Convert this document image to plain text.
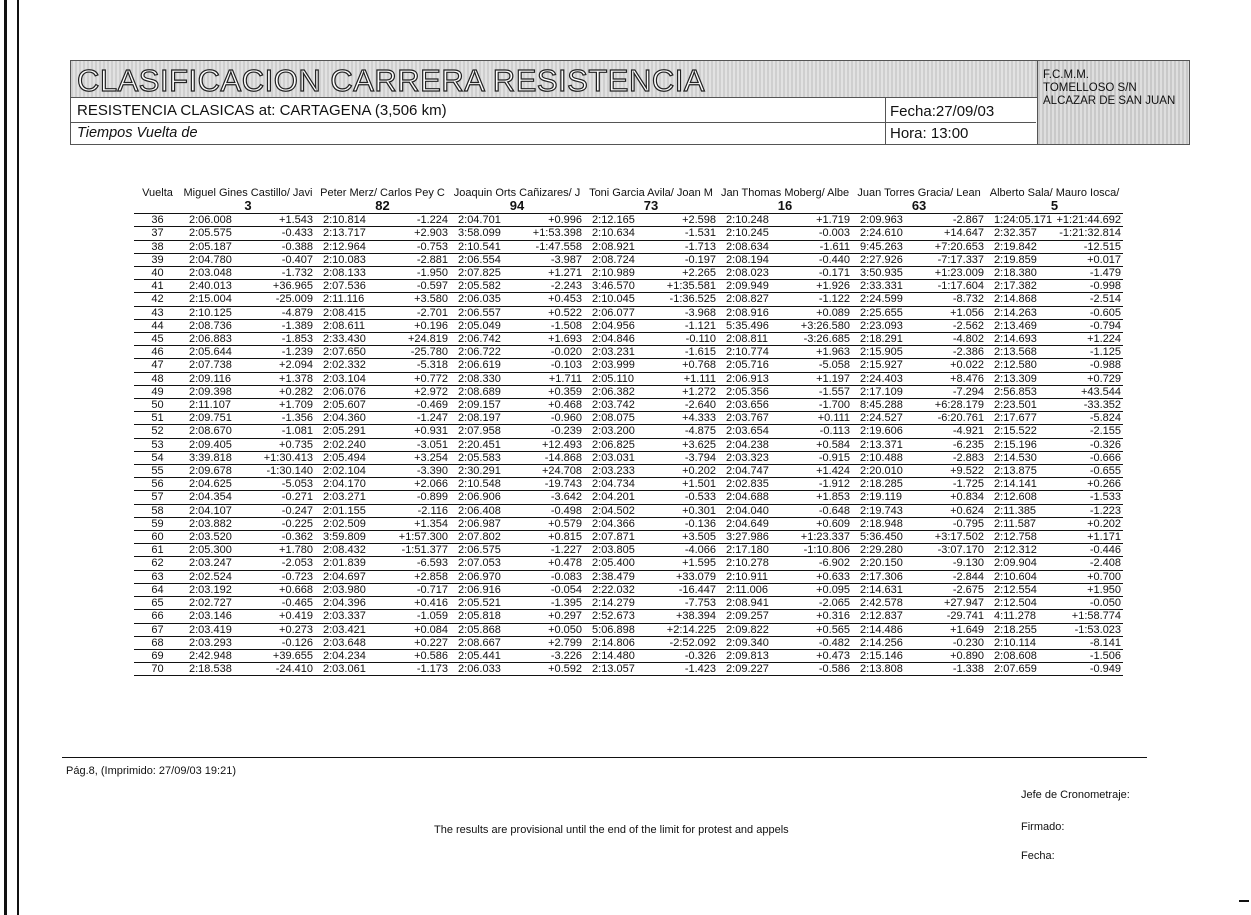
CLASIFICACION CARRERA RESISTENCIA
RESISTENCIA CLASICAS at: CARTAGENA (3,506 km)
Tiempos Vuelta de
Fecha:27/09/03
Hora: 13:00
F.C.M.M.
TOMELLOSO S/N
ALCAZAR DE SAN JUAN
Vuelta	Miguel Gines Castillo/ Javi		Peter Merz/ Carlos Pey C		Joaquin Orts Cañizares/ J		Toni Garcia Avila/ Joan M		Jan Thomas Moberg/ Albe		Juan Torres Gracia/ Lean		Alberto Sala/ Mauro Iosca/	
	3		82		94		73		16		63		5	
36	2:06.008	+1.543	2:10.814	-1.224	2:04.701	+0.996	2:12.165	+2.598	2:10.248	+1.719	2:09.963	-2.867	1:24:05.171	+1:21:44.692
37	2:05.575	-0.433	2:13.717	+2.903	3:58.099	+1:53.398	2:10.634	-1.531	2:10.245	-0.003	2:24.610	+14.647	2:32.357	-1:21:32.814
38	2:05.187	-0.388	2:12.964	-0.753	2:10.541	-1:47.558	2:08.921	-1.713	2:08.634	-1.611	9:45.263	+7:20.653	2:19.842	-12.515
39	2:04.780	-0.407	2:10.083	-2.881	2:06.554	-3.987	2:08.724	-0.197	2:08.194	-0.440	2:27.926	-7:17.337	2:19.859	+0.017
40	2:03.048	-1.732	2:08.133	-1.950	2:07.825	+1.271	2:10.989	+2.265	2:08.023	-0.171	3:50.935	+1:23.009	2:18.380	-1.479
41	2:40.013	+36.965	2:07.536	-0.597	2:05.582	-2.243	3:46.570	+1:35.581	2:09.949	+1.926	2:33.331	-1:17.604	2:17.382	-0.998
42	2:15.004	-25.009	2:11.116	+3.580	2:06.035	+0.453	2:10.045	-1:36.525	2:08.827	-1.122	2:24.599	-8.732	2:14.868	-2.514
43	2:10.125	-4.879	2:08.415	-2.701	2:06.557	+0.522	2:06.077	-3.968	2:08.916	+0.089	2:25.655	+1.056	2:14.263	-0.605
44	2:08.736	-1.389	2:08.611	+0.196	2:05.049	-1.508	2:04.956	-1.121	5:35.496	+3:26.580	2:23.093	-2.562	2:13.469	-0.794
45	2:06.883	-1.853	2:33.430	+24.819	2:06.742	+1.693	2:04.846	-0.110	2:08.811	-3:26.685	2:18.291	-4.802	2:14.693	+1.224
46	2:05.644	-1.239	2:07.650	-25.780	2:06.722	-0.020	2:03.231	-1.615	2:10.774	+1.963	2:15.905	-2.386	2:13.568	-1.125
47	2:07.738	+2.094	2:02.332	-5.318	2:06.619	-0.103	2:03.999	+0.768	2:05.716	-5.058	2:15.927	+0.022	2:12.580	-0.988
48	2:09.116	+1.378	2:03.104	+0.772	2:08.330	+1.711	2:05.110	+1.111	2:06.913	+1.197	2:24.403	+8.476	2:13.309	+0.729
49	2:09.398	+0.282	2:06.076	+2.972	2:08.689	+0.359	2:06.382	+1.272	2:05.356	-1.557	2:17.109	-7.294	2:56.853	+43.544
50	2:11.107	+1.709	2:05.607	-0.469	2:09.157	+0.468	2:03.742	-2.640	2:03.656	-1.700	8:45.288	+6:28.179	2:23.501	-33.352
51	2:09.751	-1.356	2:04.360	-1.247	2:08.197	-0.960	2:08.075	+4.333	2:03.767	+0.111	2:24.527	-6:20.761	2:17.677	-5.824
52	2:08.670	-1.081	2:05.291	+0.931	2:07.958	-0.239	2:03.200	-4.875	2:03.654	-0.113	2:19.606	-4.921	2:15.522	-2.155
53	2:09.405	+0.735	2:02.240	-3.051	2:20.451	+12.493	2:06.825	+3.625	2:04.238	+0.584	2:13.371	-6.235	2:15.196	-0.326
54	3:39.818	+1:30.413	2:05.494	+3.254	2:05.583	-14.868	2:03.031	-3.794	2:03.323	-0.915	2:10.488	-2.883	2:14.530	-0.666
55	2:09.678	-1:30.140	2:02.104	-3.390	2:30.291	+24.708	2:03.233	+0.202	2:04.747	+1.424	2:20.010	+9.522	2:13.875	-0.655
56	2:04.625	-5.053	2:04.170	+2.066	2:10.548	-19.743	2:04.734	+1.501	2:02.835	-1.912	2:18.285	-1.725	2:14.141	+0.266
57	2:04.354	-0.271	2:03.271	-0.899	2:06.906	-3.642	2:04.201	-0.533	2:04.688	+1.853	2:19.119	+0.834	2:12.608	-1.533
58	2:04.107	-0.247	2:01.155	-2.116	2:06.408	-0.498	2:04.502	+0.301	2:04.040	-0.648	2:19.743	+0.624	2:11.385	-1.223
59	2:03.882	-0.225	2:02.509	+1.354	2:06.987	+0.579	2:04.366	-0.136	2:04.649	+0.609	2:18.948	-0.795	2:11.587	+0.202
60	2:03.520	-0.362	3:59.809	+1:57.300	2:07.802	+0.815	2:07.871	+3.505	3:27.986	+1:23.337	5:36.450	+3:17.502	2:12.758	+1.171
61	2:05.300	+1.780	2:08.432	-1:51.377	2:06.575	-1.227	2:03.805	-4.066	2:17.180	-1:10.806	2:29.280	-3:07.170	2:12.312	-0.446
62	2:03.247	-2.053	2:01.839	-6.593	2:07.053	+0.478	2:05.400	+1.595	2:10.278	-6.902	2:20.150	-9.130	2:09.904	-2.408
63	2:02.524	-0.723	2:04.697	+2.858	2:06.970	-0.083	2:38.479	+33.079	2:10.911	+0.633	2:17.306	-2.844	2:10.604	+0.700
64	2:03.192	+0.668	2:03.980	-0.717	2:06.916	-0.054	2:22.032	-16.447	2:11.006	+0.095	2:14.631	-2.675	2:12.554	+1.950
65	2:02.727	-0.465	2:04.396	+0.416	2:05.521	-1.395	2:14.279	-7.753	2:08.941	-2.065	2:42.578	+27.947	2:12.504	-0.050
66	2:03.146	+0.419	2:03.337	-1.059	2:05.818	+0.297	2:52.673	+38.394	2:09.257	+0.316	2:12.837	-29.741	4:11.278	+1:58.774
67	2:03.419	+0.273	2:03.421	+0.084	2:05.868	+0.050	5:06.898	+2:14.225	2:09.822	+0.565	2:14.486	+1.649	2:18.255	-1:53.023
68	2:03.293	-0.126	2:03.648	+0.227	2:08.667	+2.799	2:14.806	-2:52.092	2:09.340	-0.482	2:14.256	-0.230	2:10.114	-8.141
69	2:42.948	+39.655	2:04.234	+0.586	2:05.441	-3.226	2:14.480	-0.326	2:09.813	+0.473	2:15.146	+0.890	2:08.608	-1.506
70	2:18.538	-24.410	2:03.061	-1.173	2:06.033	+0.592	2:13.057	-1.423	2:09.227	-0.586	2:13.808	-1.338	2:07.659	-0.949
Pág.8, (Imprimido: 27/09/03 19:21)
The results are provisional until the end of the limit for protest and appels
Jefe de Cronometraje:
Firmado:
Fecha:
